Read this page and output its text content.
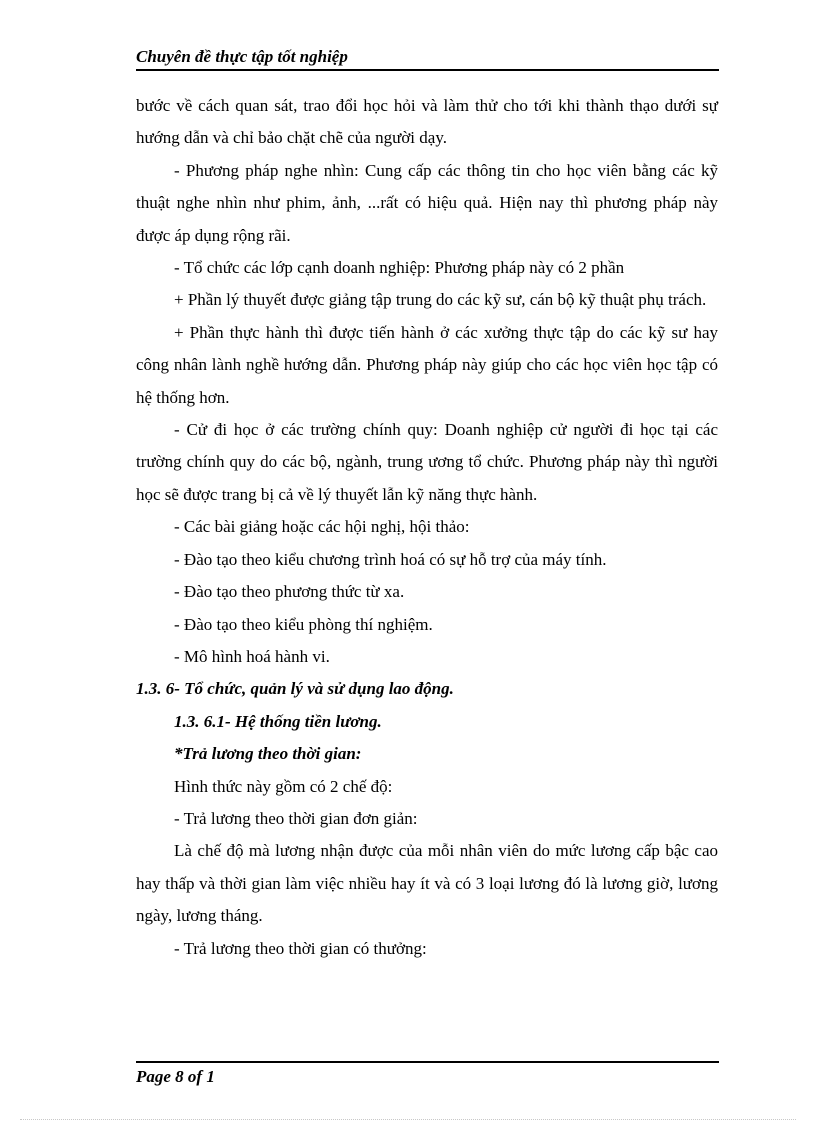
Chuyên đề thực tập tốt nghiệp

bước về cách quan sát, trao đổi học hỏi và làm thử cho tới khi thành thạo dưới sự hướng dẫn và chỉ bảo chặt chẽ của người dạy.

- Phương pháp nghe nhìn: Cung cấp các thông tin cho học viên bằng các kỹ thuật nghe nhìn như phim, ảnh, ...rất có hiệu quả. Hiện nay thì phương pháp này được áp dụng rộng rãi.

- Tổ chức các lớp cạnh doanh nghiệp: Phương pháp này có 2 phần

+ Phần lý thuyết được giảng tập trung do các kỹ sư, cán bộ kỹ thuật phụ trách.

+ Phần thực hành thì được tiến hành ở các xưởng thực tập do các kỹ sư hay công nhân lành nghề hướng dẫn. Phương pháp này giúp cho các học viên học tập có hệ thống hơn.

- Cử đi học ở các trường chính quy: Doanh nghiệp cử người đi học tại các trường chính quy do các bộ, ngành, trung ương tổ chức. Phương pháp này thì người học sẽ được trang bị cả về lý thuyết lẫn kỹ năng thực hành.

- Các bài giảng hoặc các hội nghị, hội thảo:

- Đào tạo theo kiểu chương trình hoá có sự hỗ trợ của máy tính.

- Đào tạo theo phương thức từ xa.

- Đào tạo theo kiểu phòng thí nghiệm.

- Mô hình hoá hành vi.

1.3. 6- Tổ chức, quản lý và sử dụng lao động.

1.3. 6.1- Hệ thống tiền lương.

*Trả lương theo thời gian:

Hình thức này gồm có 2 chế độ:

- Trả lương theo thời gian đơn giản:

Là chế độ mà lương nhận được của mỗi nhân viên do mức lương cấp bậc cao hay thấp và thời gian làm việc nhiều hay ít và có 3 loại lương đó là lương giờ, lương ngày, lương tháng.

- Trả lương theo thời gian có thưởng:

Page 8 of 1
